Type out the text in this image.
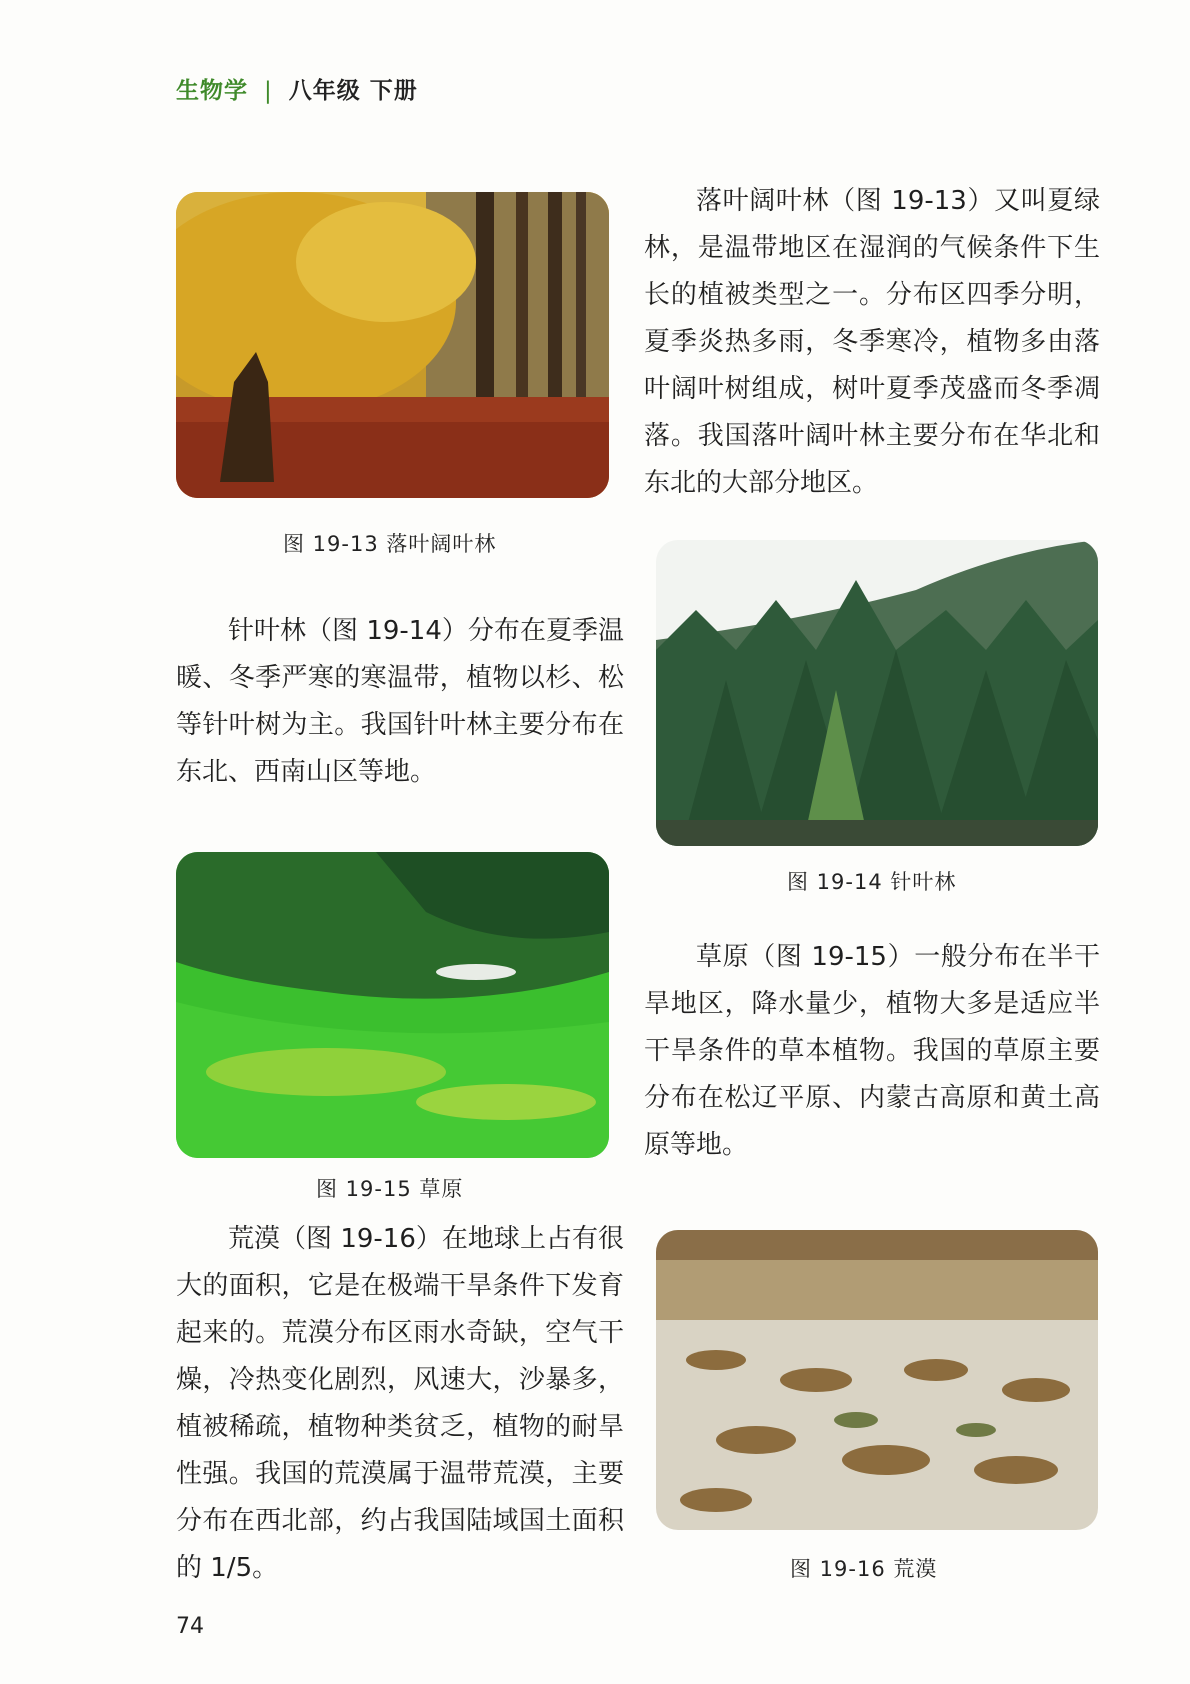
生物学 | 八年级 下册
图 19-13 落叶阔叶林

落叶阔叶林（图 19-13）又叫夏绿林，是温带地区在湿润的气候条件下生长的植被类型之一。分布区四季分明，夏季炎热多雨，冬季寒冷，植物多由落叶阔叶树组成，树叶夏季茂盛而冬季凋落。我国落叶阔叶林主要分布在华北和东北的大部分地区。

图 19-14 针叶林

针叶林（图 19-14）分布在夏季温暖、冬季严寒的寒温带，植物以杉、松等针叶树为主。我国针叶林主要分布在东北、西南山区等地。

图 19-15 草原

草原（图 19-15）一般分布在半干旱地区，降水量少，植物大多是适应半干旱条件的草本植物。我国的草原主要分布在松辽平原、内蒙古高原和黄土高原等地。

图 19-16 荒漠

荒漠（图 19-16）在地球上占有很大的面积，它是在极端干旱条件下发育起来的。荒漠分布区雨水奇缺，空气干燥，冷热变化剧烈，风速大，沙暴多，植被稀疏，植物种类贫乏，植物的耐旱性强。我国的荒漠属于温带荒漠，主要分布在西北部，约占我国陆域国土面积的 1/5。

74
